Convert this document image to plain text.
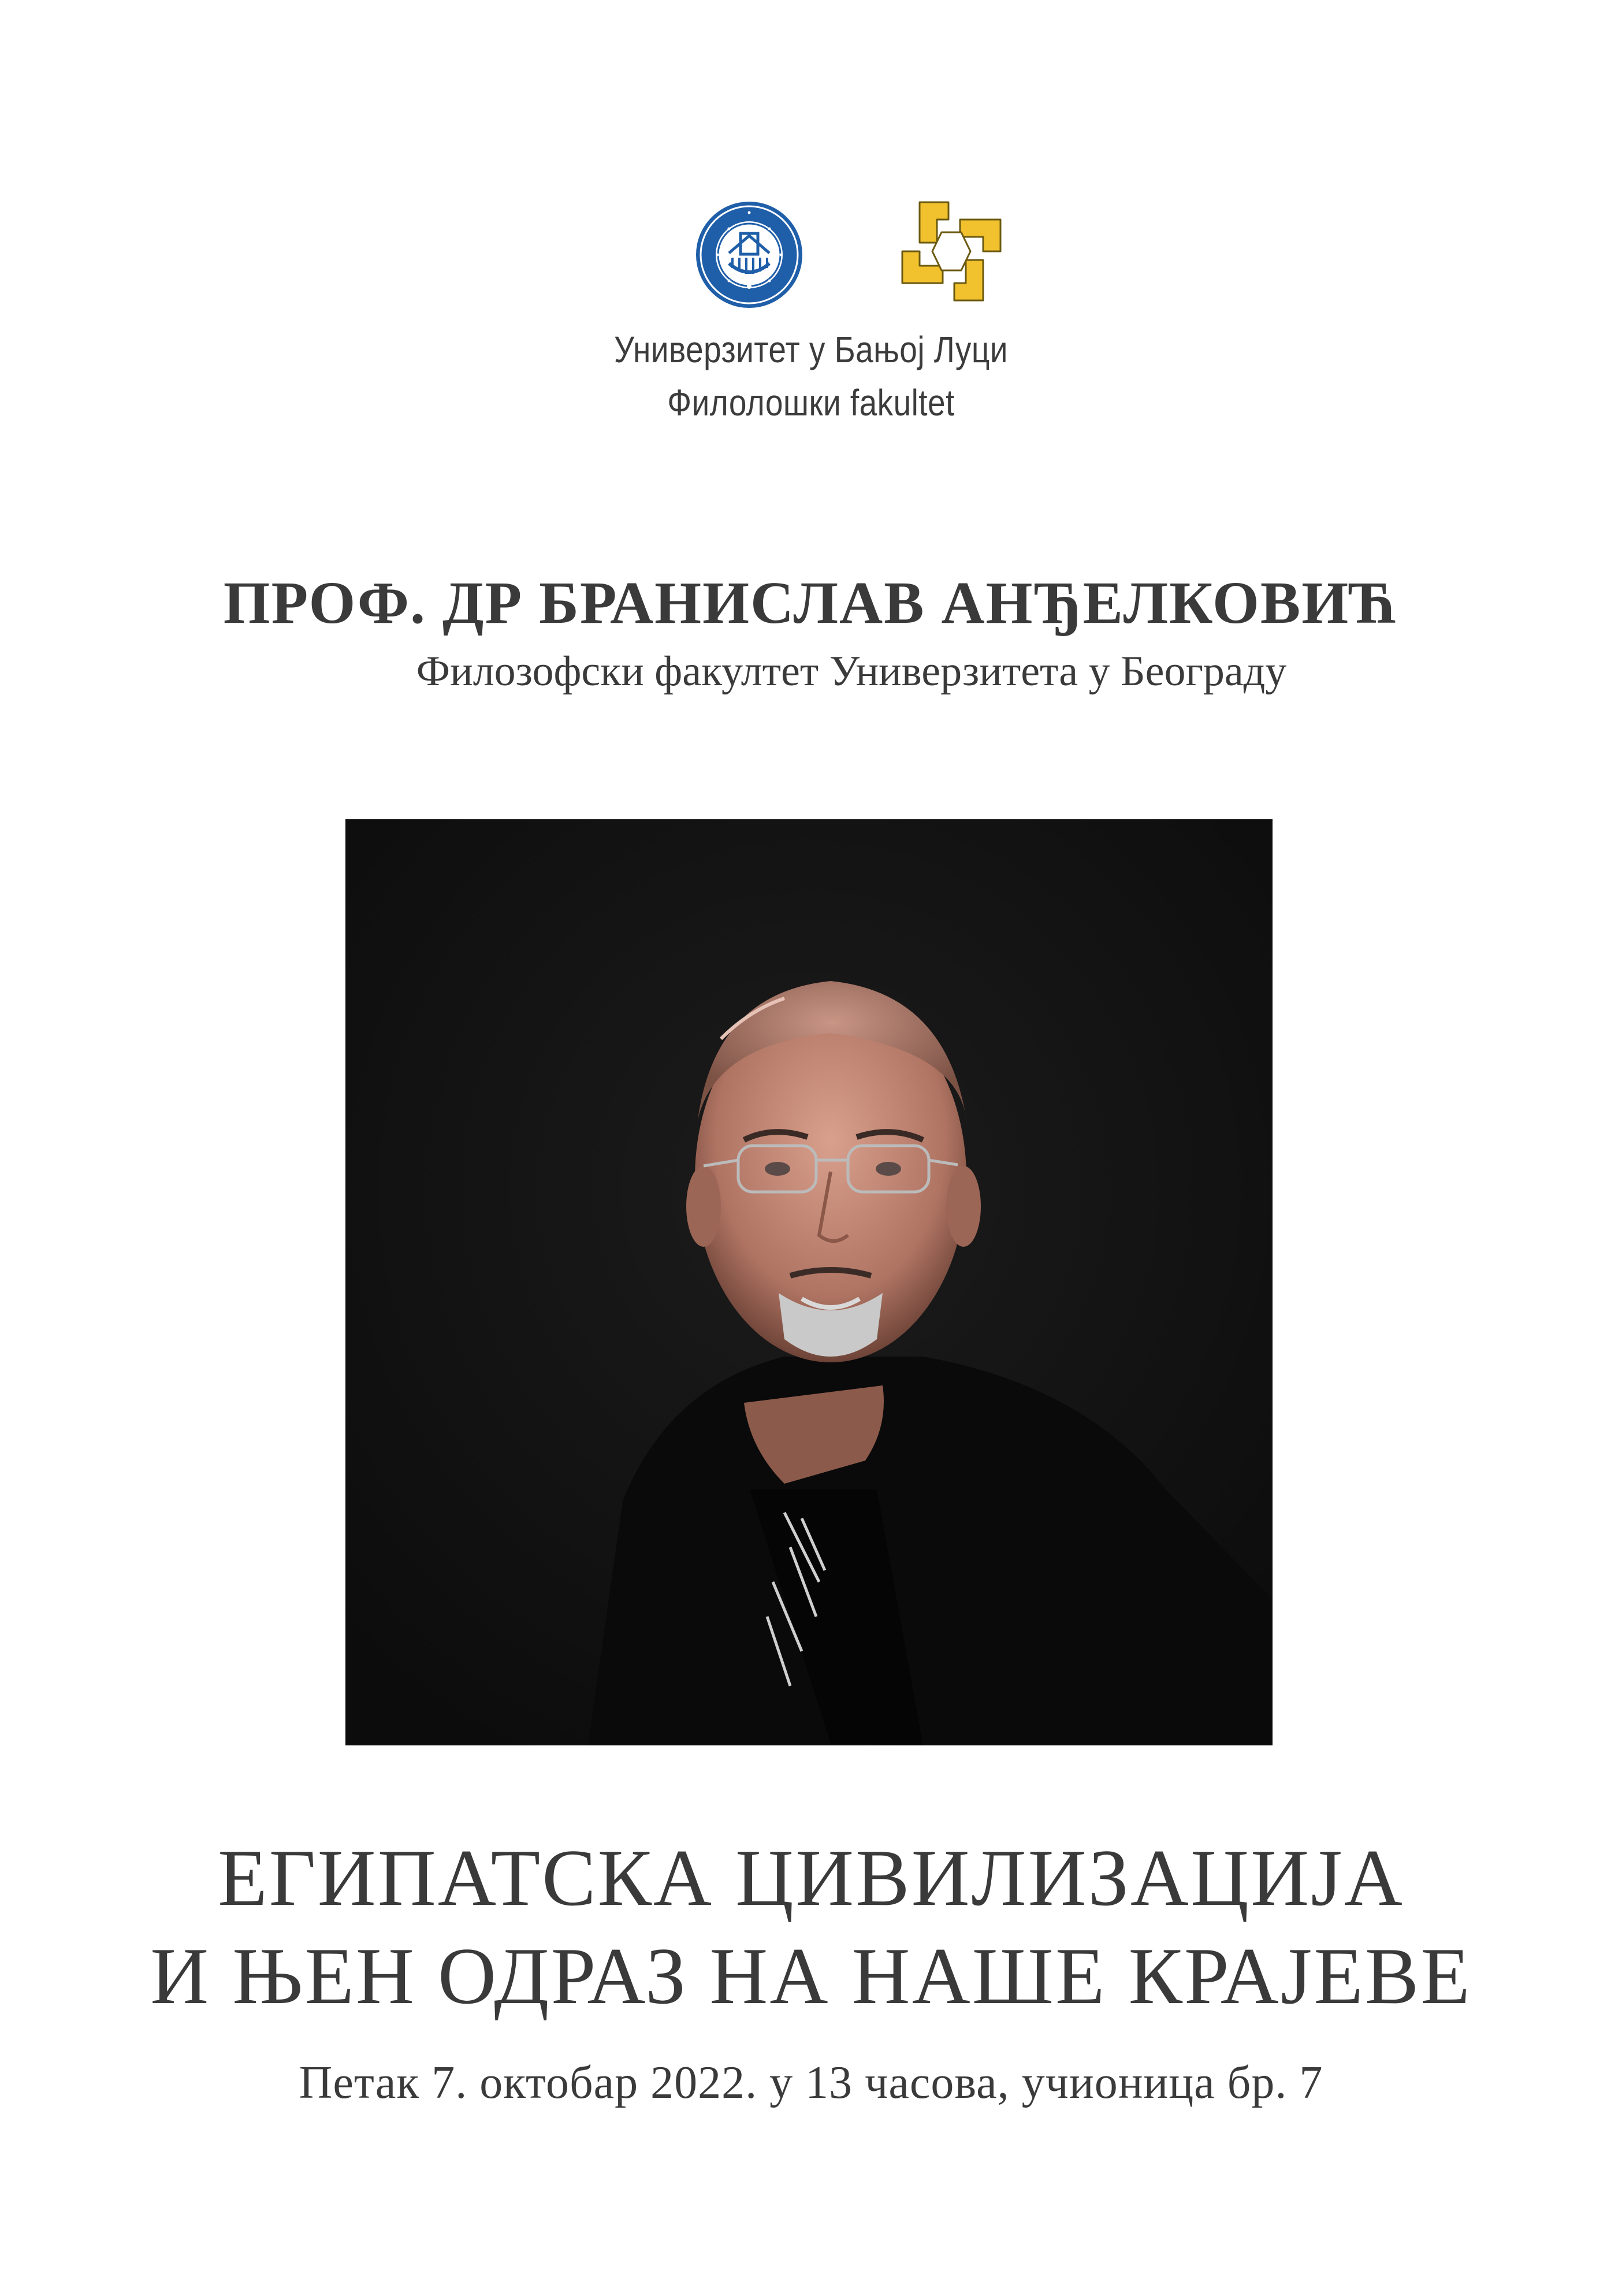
Универзитет у Бањој Луци
Филолошки fakultet
ПРОФ. ДР БРАНИСЛАВ АНЂЕЛКОВИЋ
Филозофски факултет Универзитета у Београду
ЕГИПАТСКА ЦИВИЛИЗАЦИЈА
И ЊЕН ОДРАЗ НА НАШЕ КРАЈЕВЕ
Петак 7. октобар 2022. у 13 часова, учионица бр. 7
